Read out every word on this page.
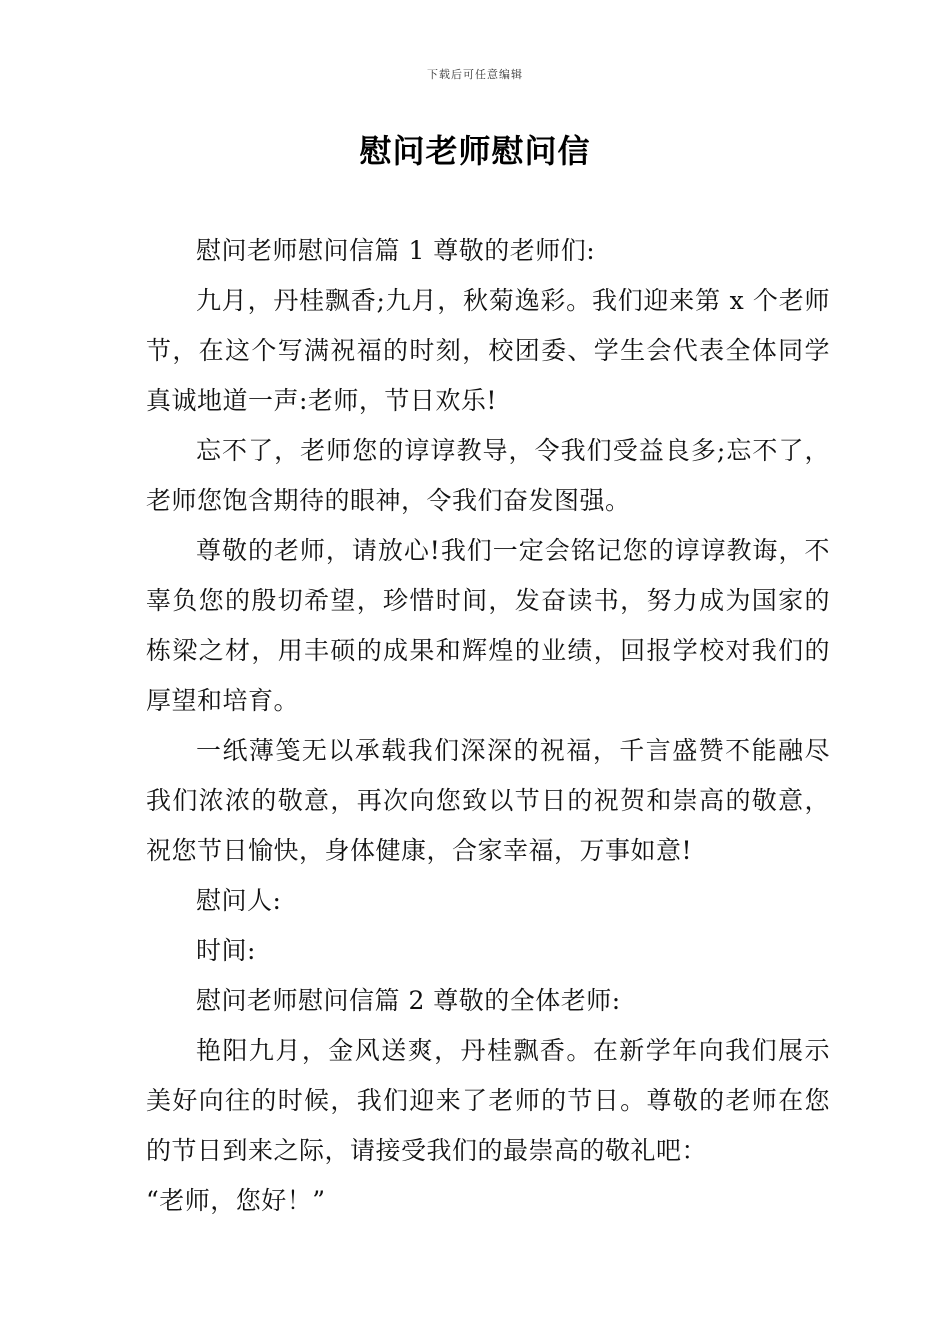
下载后可任意编辑
慰问老师慰问信

慰问老师慰问信篇 1 尊敬的老师们:

九月，丹桂飘香;九月，秋菊逸彩。我们迎来第 x 个老师节，在这个写满祝福的时刻，校团委、学生会代表全体同学真诚地道一声:老师，节日欢乐!

忘不了，老师您的谆谆教导，令我们受益良多;忘不了，老师您饱含期待的眼神，令我们奋发图强。

尊敬的老师，请放心!我们一定会铭记您的谆谆教诲，不辜负您的殷切希望，珍惜时间，发奋读书，努力成为国家的栋梁之材，用丰硕的成果和辉煌的业绩，回报学校对我们的厚望和培育。

一纸薄笺无以承载我们深深的祝福，千言盛赞不能融尽我们浓浓的敬意，再次向您致以节日的祝贺和崇高的敬意，祝您节日愉快，身体健康，合家幸福，万事如意!

慰问人:

时间:

慰问老师慰问信篇 2 尊敬的全体老师:

艳阳九月，金风送爽，丹桂飘香。在新学年向我们展示美好向往的时候，我们迎来了老师的节日。尊敬的老师在您的节日到来之际，请接受我们的最崇高的敬礼吧：

“老师，您好！”
